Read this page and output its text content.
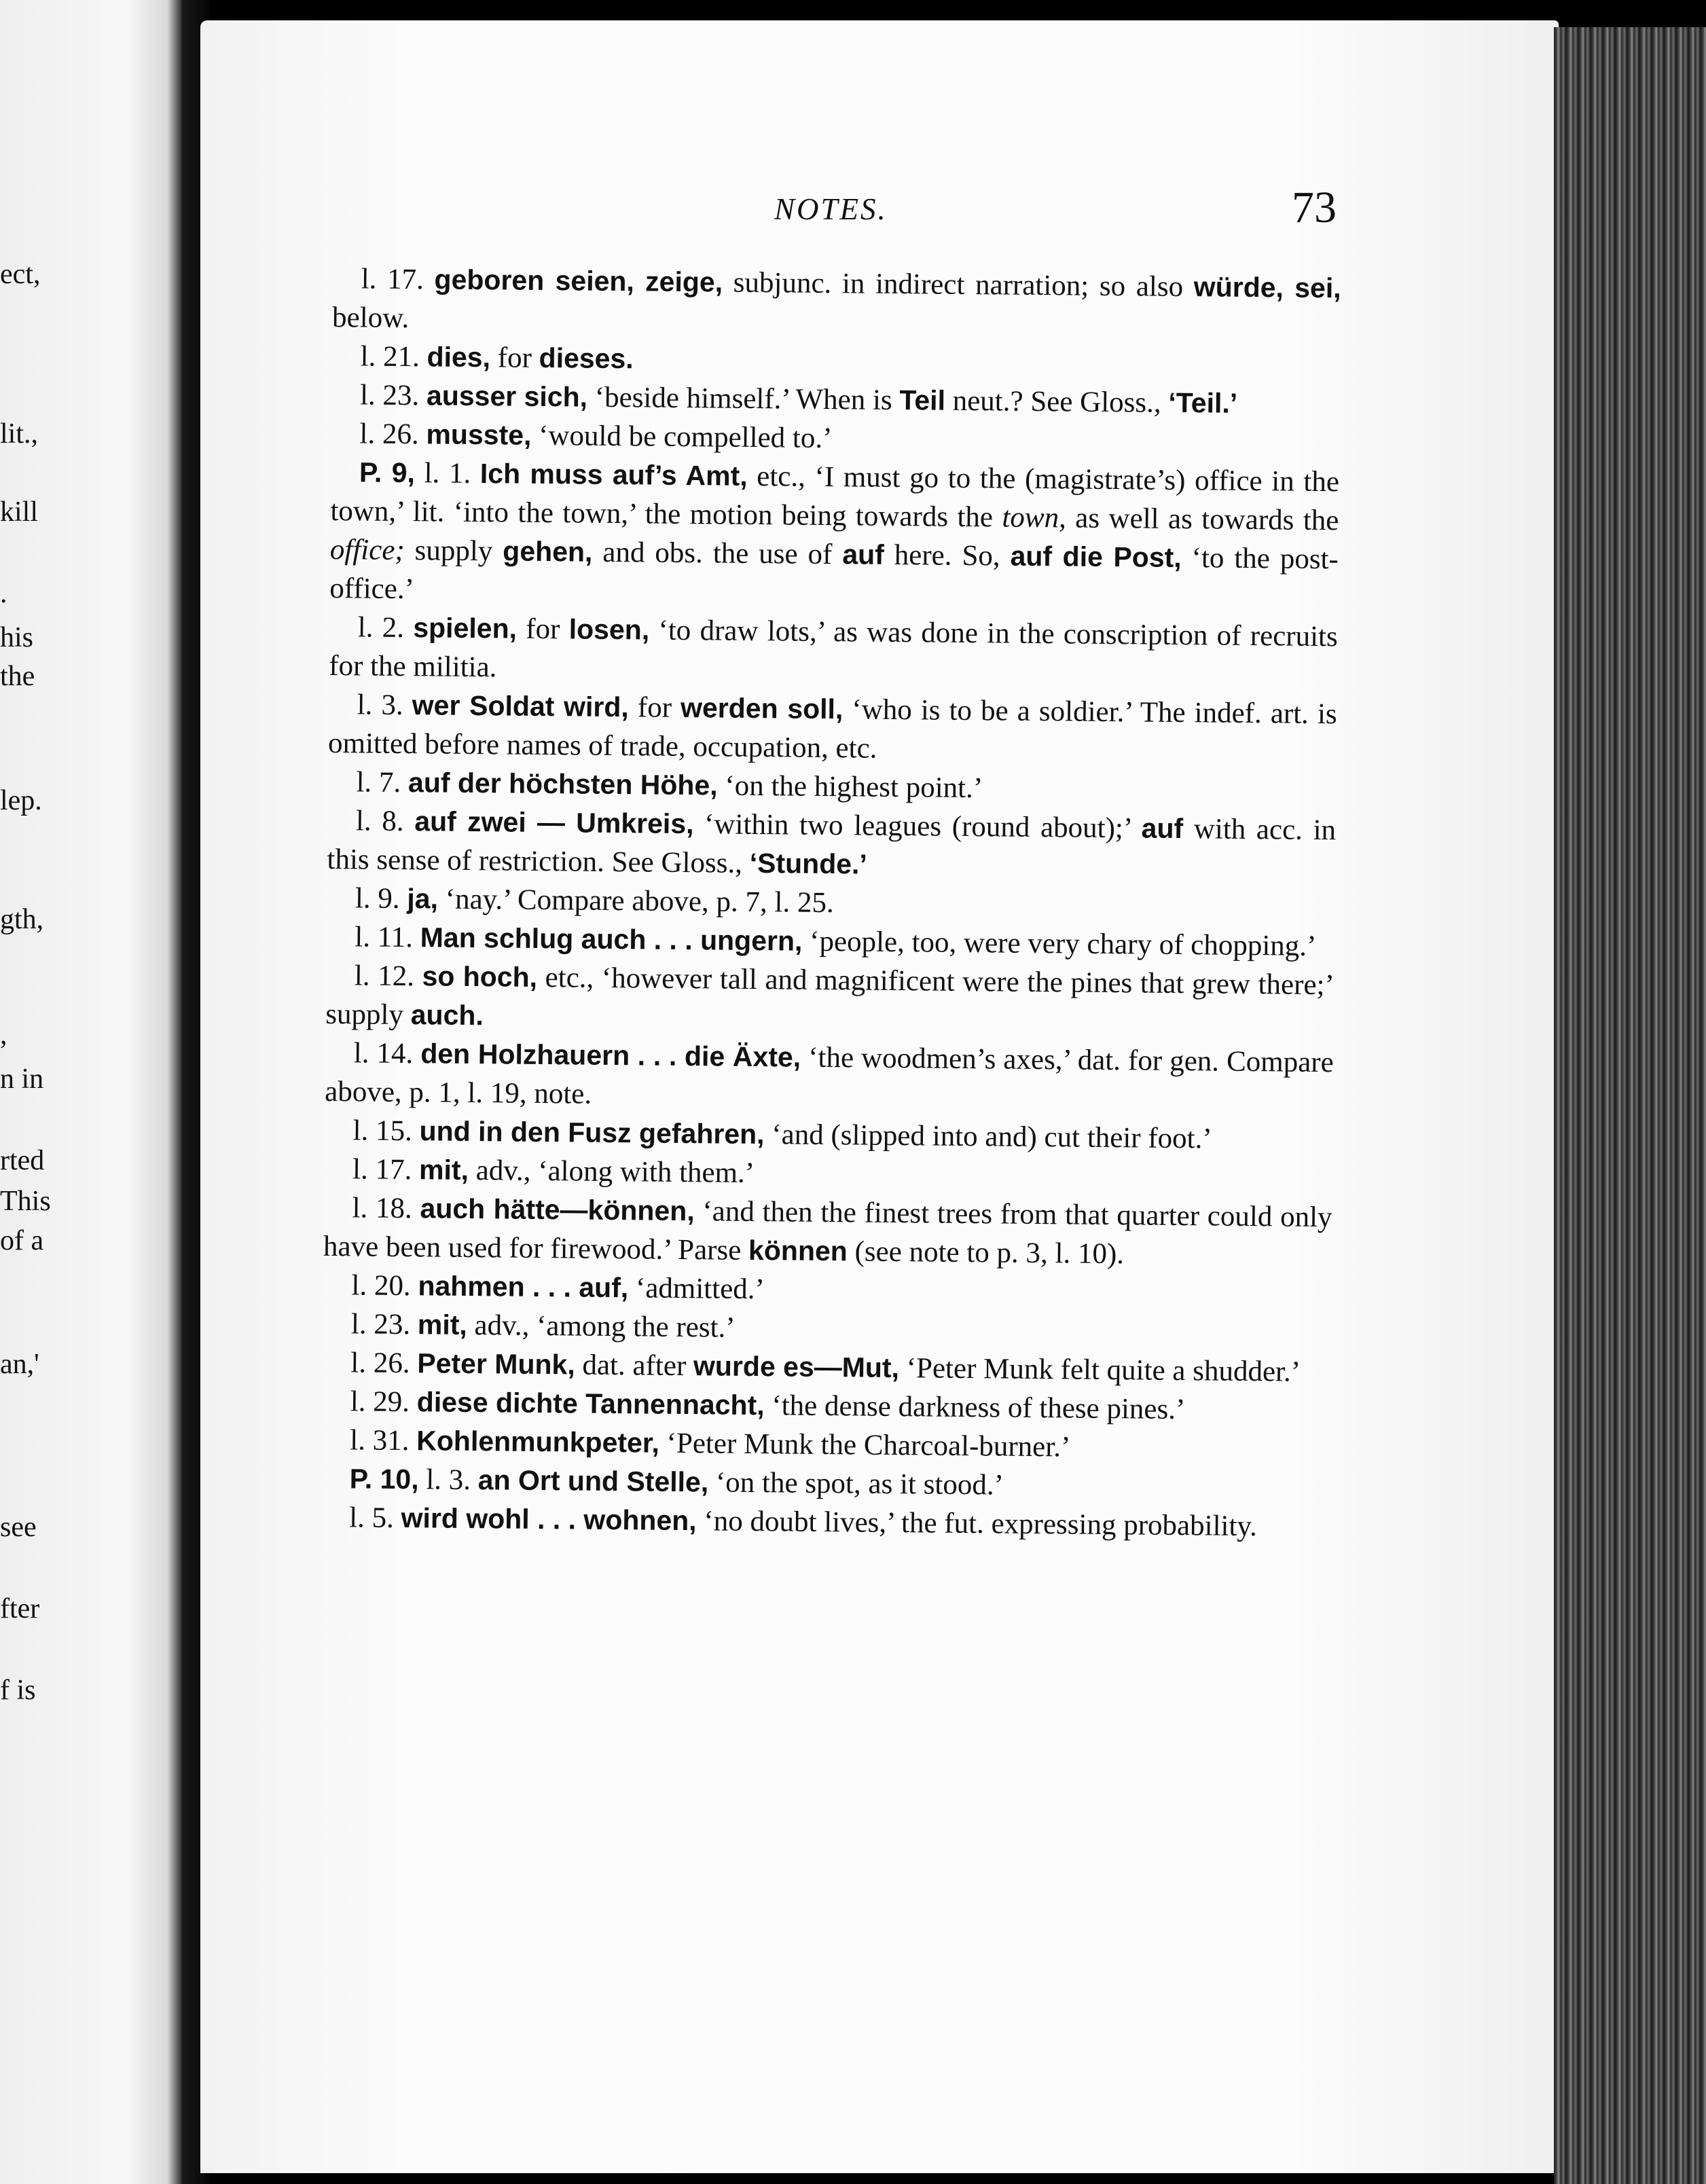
ect,
lit.,
kill
.
his
the
lep.
gth,
,
n in
rted
This
of a
an,'
see
fter
f is
NOTES.	73

l. 17. geboren seien, zeige, subjunc. in indirect narration; so also würde, sei, below.

l. 21. dies, for dieses.

l. 23. ausser sich, ‘beside himself.’ When is Teil neut.? See Gloss., ‘Teil.’

l. 26. musste, ‘would be compelled to.’

P. 9, l. 1. Ich muss auf’s Amt, etc., ‘I must go to the (magistrate’s) office in the town,’ lit. ‘into the town,’ the motion being towards the town, as well as towards the office; supply gehen, and obs. the use of auf here. So, auf die Post, ‘to the post-office.’

l. 2. spielen, for losen, ‘to draw lots,’ as was done in the conscription of recruits for the militia.

l. 3. wer Soldat wird, for werden soll, ‘who is to be a soldier.’ The indef. art. is omitted before names of trade, occupation, etc.

l. 7. auf der höchsten Höhe, ‘on the highest point.’

l. 8. auf zwei — Umkreis, ‘within two leagues (round about);’ auf with acc. in this sense of restriction. See Gloss., ‘Stunde.’

l. 9. ja, ‘nay.’ Compare above, p. 7, l. 25.

l. 11. Man schlug auch . . . ungern, ‘people, too, were very chary of chopping.’

l. 12. so hoch, etc., ‘however tall and magnificent were the pines that grew there;’ supply auch.

l. 14. den Holzhauern . . . die Äxte, ‘the woodmen’s axes,’ dat. for gen. Compare above, p. 1, l. 19, note.

l. 15. und in den Fusz gefahren, ‘and (slipped into and) cut their foot.’

l. 17. mit, adv., ‘along with them.’

l. 18. auch hätte—können, ‘and then the finest trees from that quarter could only have been used for firewood.’ Parse können (see note to p. 3, l. 10).

l. 20. nahmen . . . auf, ‘admitted.’

l. 23. mit, adv., ‘among the rest.’

l. 26. Peter Munk, dat. after wurde es—Mut, ‘Peter Munk felt quite a shudder.’

l. 29. diese dichte Tannennacht, ‘the dense darkness of these pines.’

l. 31. Kohlenmunkpeter, ‘Peter Munk the Charcoal-burner.’

P. 10, l. 3. an Ort und Stelle, ‘on the spot, as it stood.’

l. 5. wird wohl . . . wohnen, ‘no doubt lives,’ the fut. expressing probability.
